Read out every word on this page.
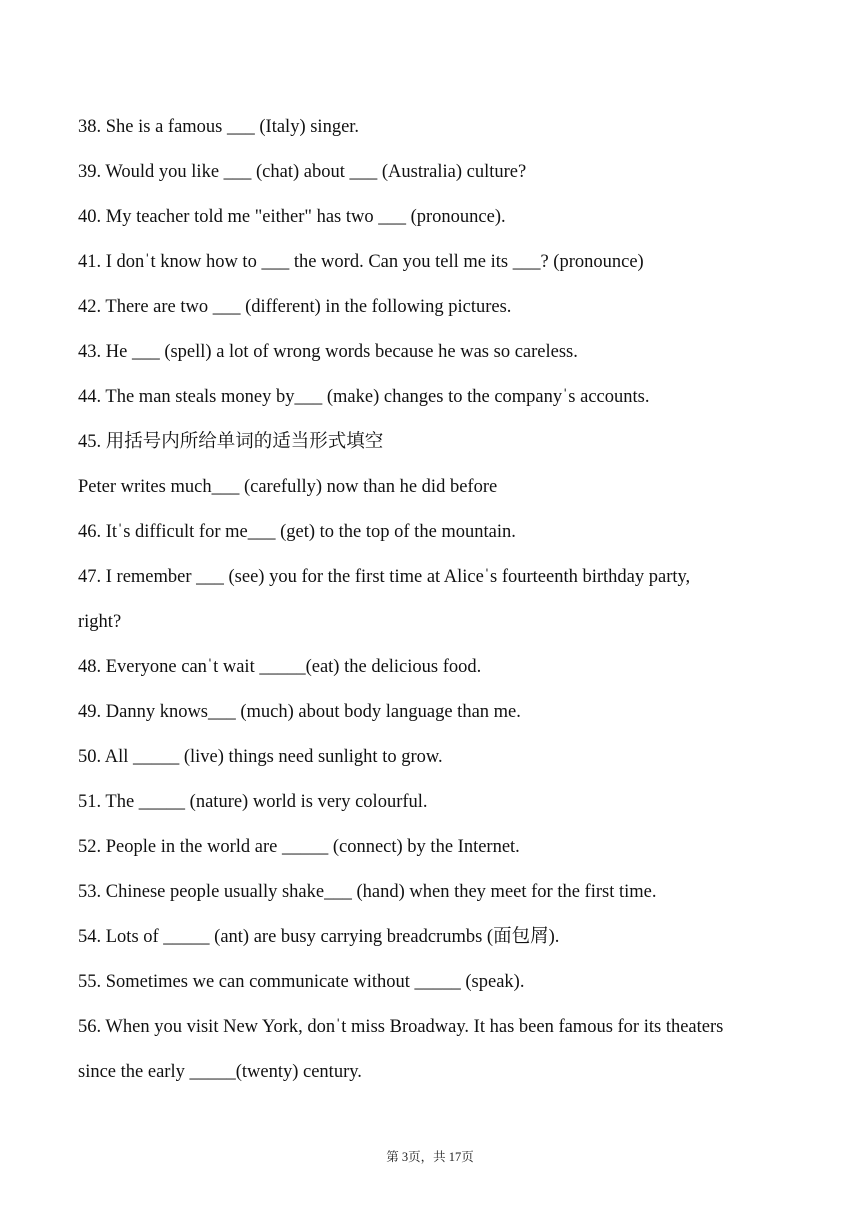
38. She is a famous ___ (Italy) singer.
39. Would you like ___ (chat) about ___ (Australia) culture?
40. My teacher told me "either" has two ___ (pronounce).
41. I donˈt know how to ___ the word. Can you tell me its ___? (pronounce)
42. There are two ___ (different) in the following pictures.
43. He ___ (spell) a lot of wrong words because he was so careless.
44. The man steals money by___ (make) changes to the companyˈs accounts.
45. 用括号内所给单词的适当形式填空
Peter writes much___ (carefully) now than he did before
46. Itˈs difficult for me___ (get) to the top of the mountain.
47. I remember ___ (see) you for the first time at Aliceˈs fourteenth birthday party,
right?
48. Everyone canˈt wait _____(eat) the delicious food.
49. Danny knows___ (much) about body language than me.
50. All _____ (live) things need sunlight to grow.
51. The _____ (nature) world is very colourful.
52. People in the world are _____ (connect) by the Internet.
53. Chinese people usually shake___ (hand) when they meet for the first time.
54. Lots of _____ (ant) are busy carrying breadcrumbs (面包屑).
55. Sometimes we can communicate without _____ (speak).
56. When you visit New York, donˈt miss Broadway. It has been famous for its theaters
since the early _____(twenty) century.
第 3页，共 17页
